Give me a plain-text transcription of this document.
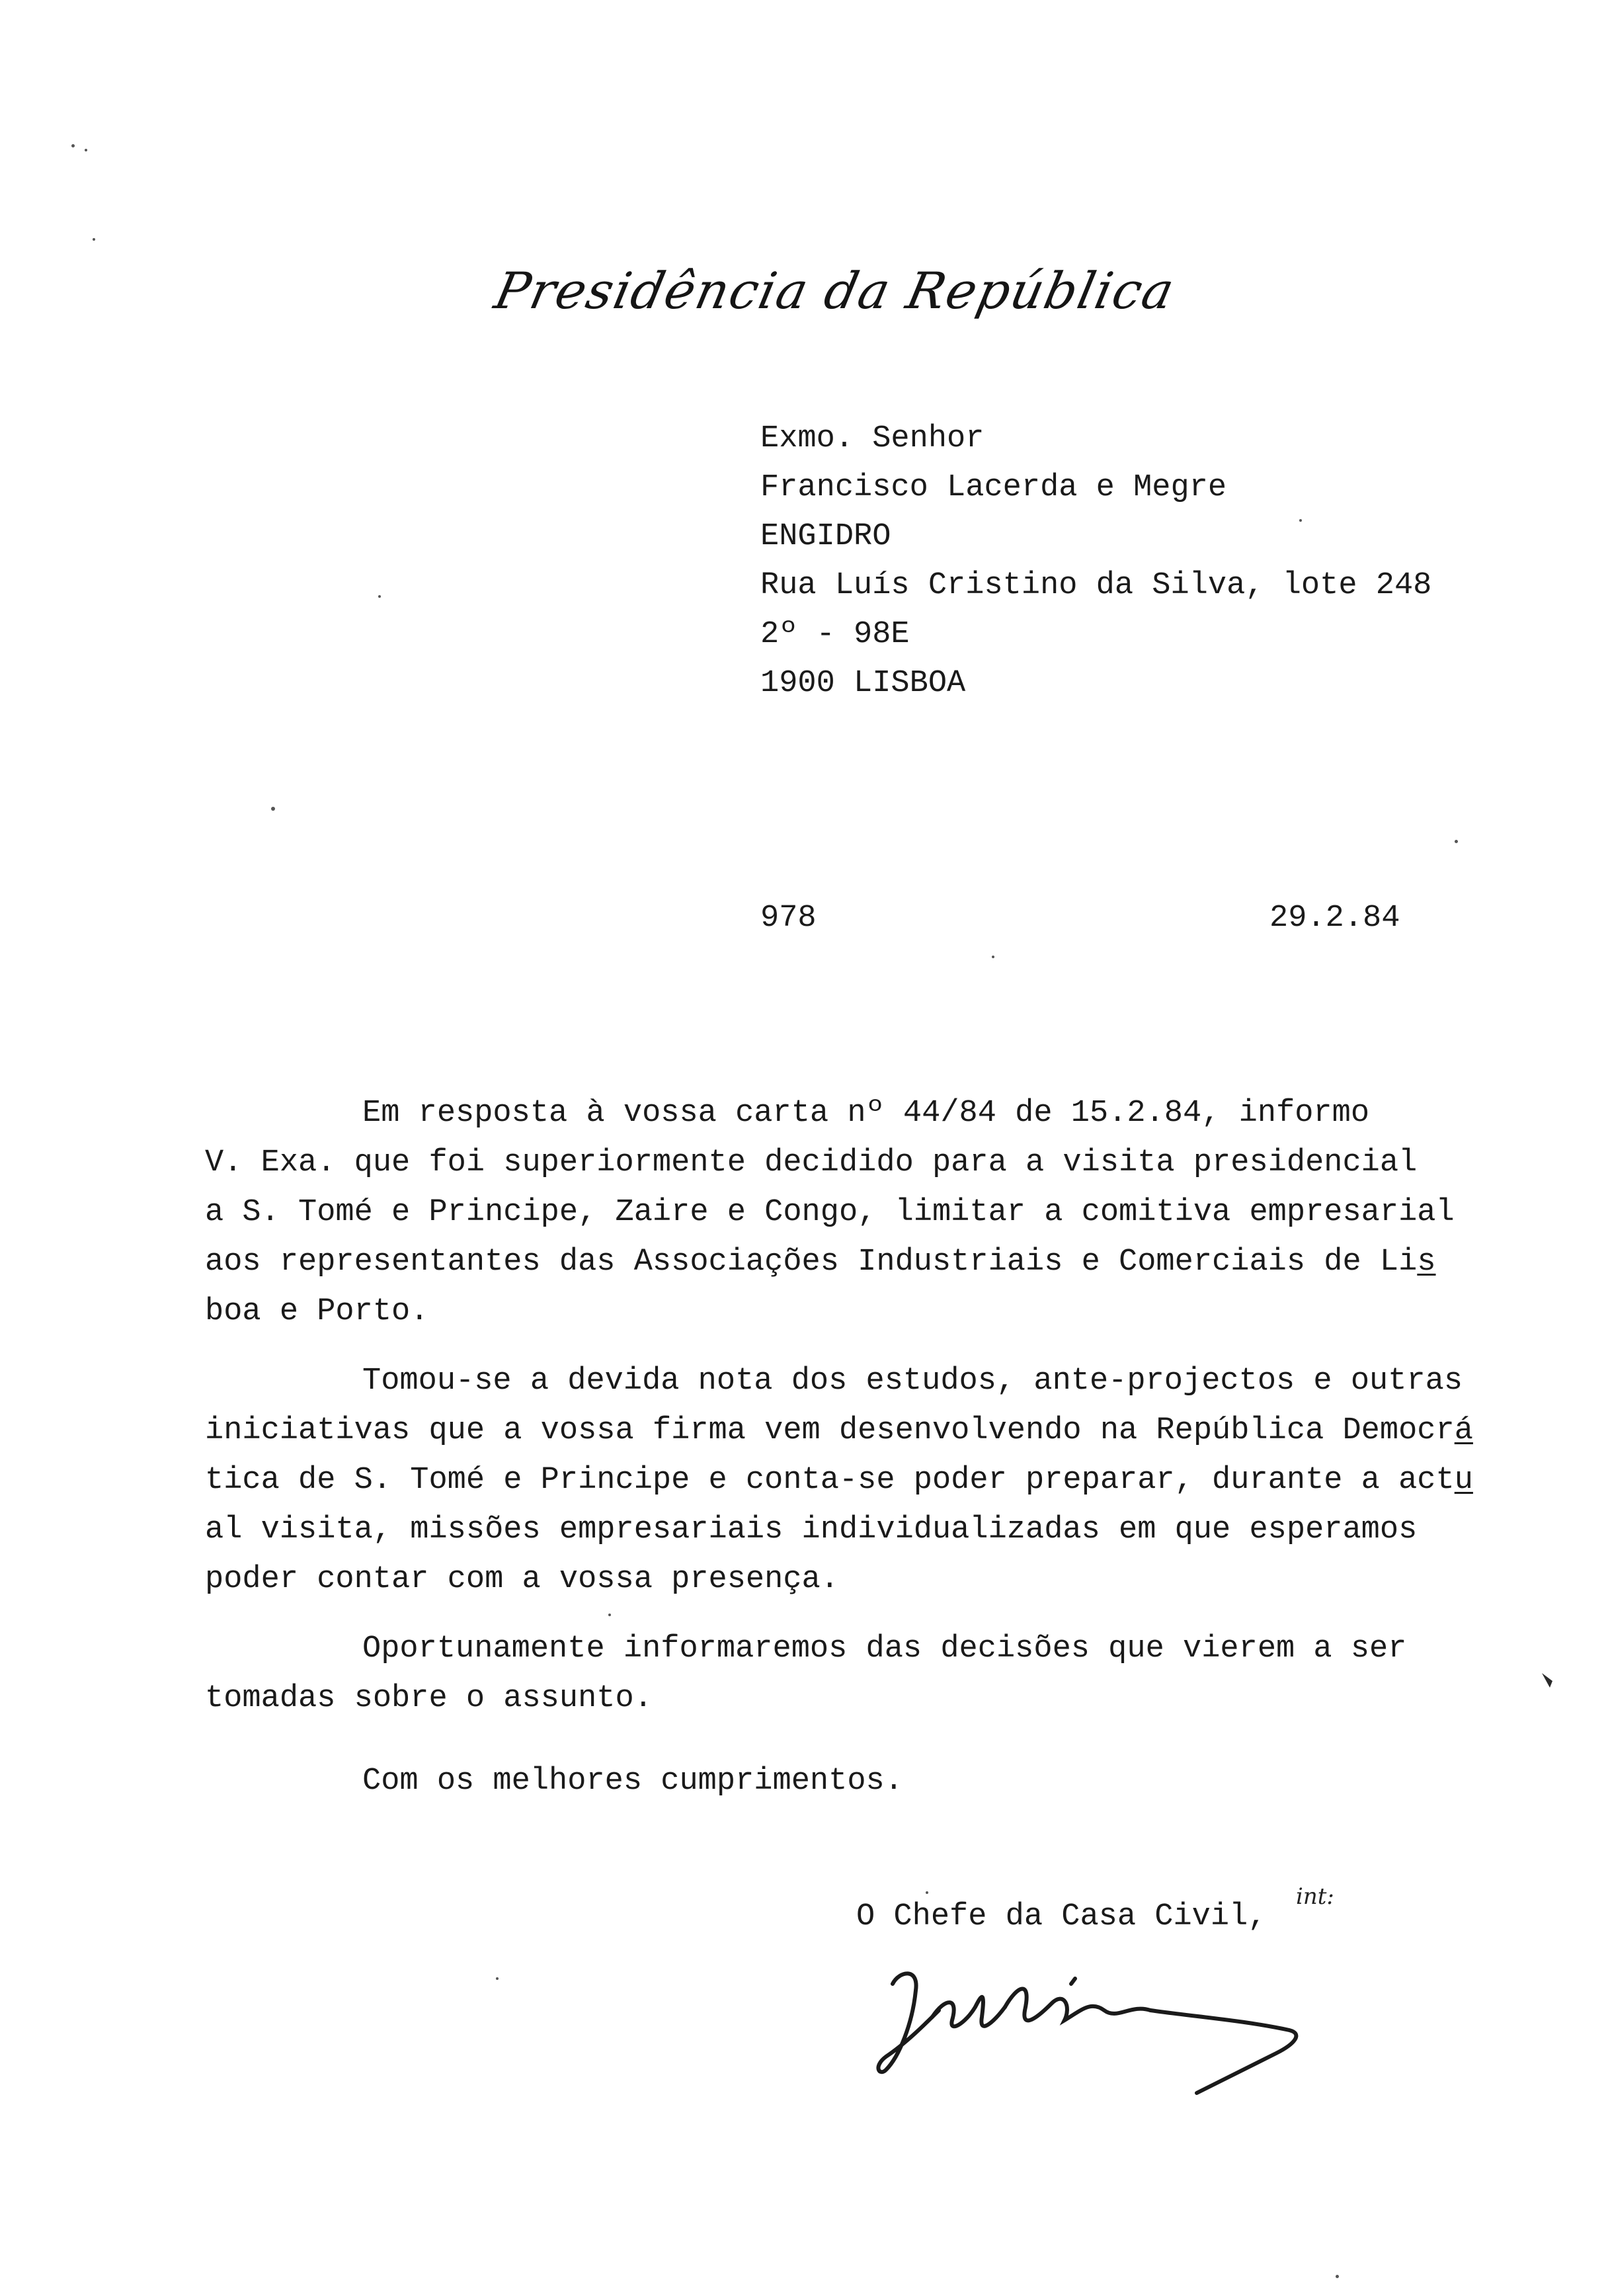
Presidência da República
Exmo. Senhor
Francisco Lacerda e Megre
ENGIDRO
Rua Luís Cristino da Silva, lote 248
2º - 98E
1900 LISBOA
978	29.2.84
Em resposta à vossa carta nº 44/84 de 15.2.84, informo
V. Exa. que foi superiormente decidido para a visita presidencial
a S. Tomé e Principe, Zaire e Congo, limitar a comitiva empresarial
aos representantes das Associações Industriais e Comerciais de Lis
boa e Porto.
Tomou-se a devida nota dos estudos, ante-projectos e outras
iniciativas que a vossa firma vem desenvolvendo na República Democrá
tica de S. Tomé e Principe e conta-se poder preparar, durante a actu
al visita, missões empresariais individualizadas em que esperamos
poder contar com a vossa presença.
Oportunamente informaremos das decisões que vierem a ser
tomadas sobre o assunto.
Com os melhores cumprimentos.
O Chefe da Casa Civil,
int:
